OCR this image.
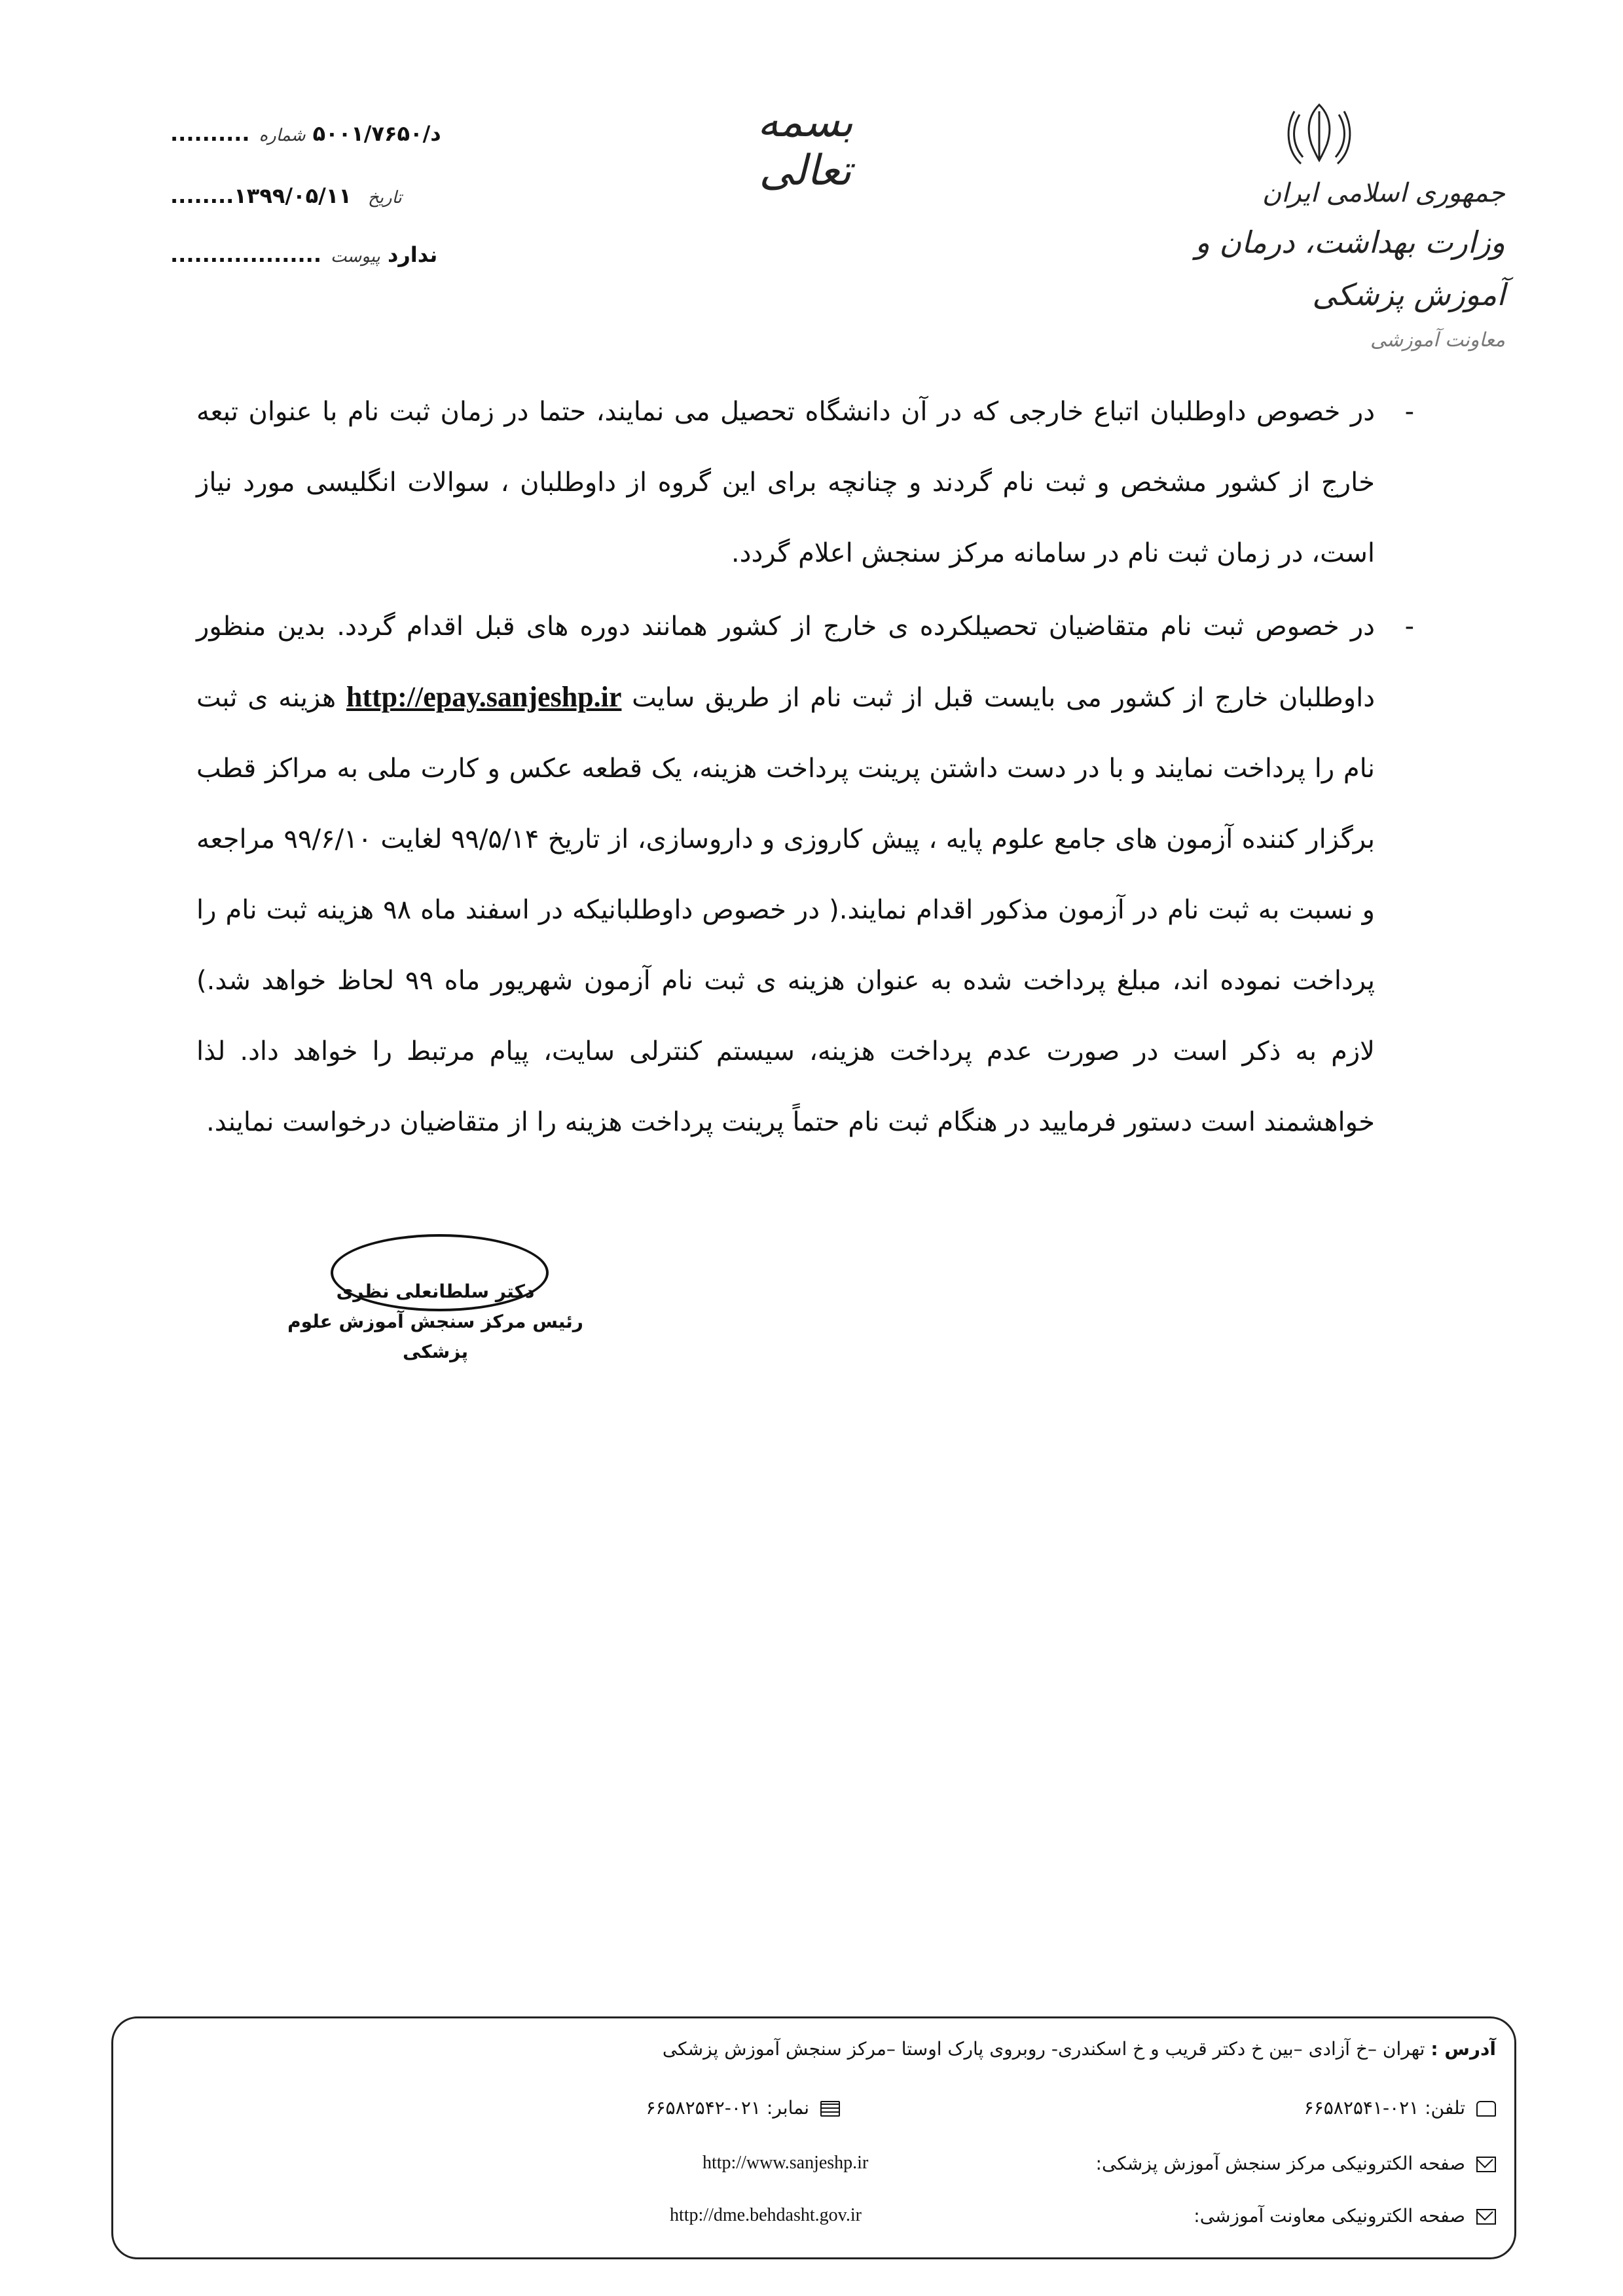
بسمه تعالی	جمهوری اسلامی ایران
وزارت بهداشت، درمان و آموزش پزشکی
معاونت آموزشی
..........د/۵۰۰۱/۷۶۵۰ شماره
........۱۳۹۹/۰۵/۱۱ تاریخ
...................ندارد پیوست
-
در خصوص داوطلبان اتباع خارجی که در آن دانشگاه تحصیل می نمایند، حتما در زمان ثبت نام با عنوان تبعه خارج از کشور مشخص و ثبت نام گردند و چنانچه برای این گروه از داوطلبان ، سوالات انگلیسی مورد نیاز است، در زمان ثبت نام در سامانه مرکز سنجش اعلام گردد.
-
در خصوص ثبت نام متقاضیان تحصیلکرده ی خارج از کشور همانند دوره های قبل اقدام گردد. بدین منظور داوطلبان خارج از کشور می بایست قبل از ثبت نام از طریق سایت http://epay.sanjeshp.ir هزینه ی ثبت نام را پرداخت نمایند و با در دست داشتن پرینت پرداخت هزینه، یک قطعه عکس و کارت ملی به مراکز قطب برگزار کننده آزمون های جامع علوم پایه ، پیش کاروزی و داروسازی، از تاریخ ۹۹/۵/۱۴ لغایت ۹۹/۶/۱۰ مراجعه و نسبت به ثبت نام در آزمون مذکور اقدام نمایند.( در خصوص داوطلبانیکه در اسفند ماه ۹۸ هزینه ثبت نام را پرداخت نموده اند، مبلغ پرداخت شده به عنوان هزینه ی ثبت نام آزمون شهریور ماه ۹۹ لحاظ خواهد شد.) لازم به ذکر است در صورت عدم پرداخت هزینه، سیستم کنترلی سایت، پیام مرتبط را خواهد داد. لذا خواهشمند است دستور فرمایید در هنگام ثبت نام حتماً پرینت پرداخت هزینه را از متقاضیان درخواست نمایند.
دکتر سلطانعلی نظری
رئیس مرکز سنجش آموزش علوم پزشکی
آدرس : تهران –خ آزادی –بین خ دکتر قریب و خ اسکندری- روبروی پارک اوستا –مرکز سنجش آموزش پزشکی
تلفن: ۰۲۱-۶۶۵۸۲۵۴۱
نمابر: ۰۲۱-۶۶۵۸۲۵۴۲
صفحه الکترونیکی مرکز سنجش آموزش پزشکی:
http://www.sanjeshp.ir
صفحه الکترونیکی معاونت آموزشی:
http://dme.behdasht.gov.ir
